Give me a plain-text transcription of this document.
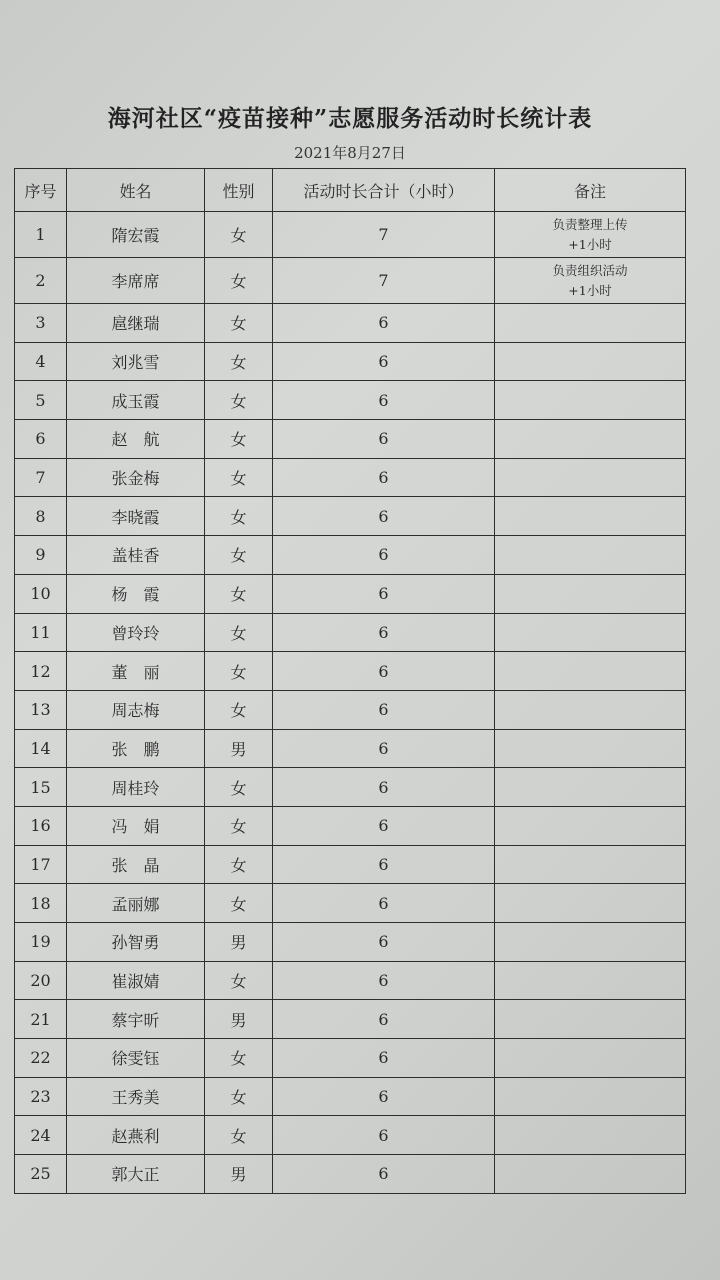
海河社区“疫苗接种”志愿服务活动时长统计表
2021年8月27日
序号	姓名	性别	活动时长合计（小时）	备注
1	隋宏霞	女	7	负责整理上传
+1小时
2	李席席	女	7	负责组织活动
+1小时
3	扈继瑞	女	6	
4	刘兆雪	女	6	
5	成玉霞	女	6	
6	赵　航	女	6	
7	张金梅	女	6	
8	李晓霞	女	6	
9	盖桂香	女	6	
10	杨　霞	女	6	
11	曾玲玲	女	6	
12	董　丽	女	6	
13	周志梅	女	6	
14	张　鹏	男	6	
15	周桂玲	女	6	
16	冯　娟	女	6	
17	张　晶	女	6	
18	孟丽娜	女	6	
19	孙智勇	男	6	
20	崔淑婧	女	6	
21	蔡宇昕	男	6	
22	徐雯钰	女	6	
23	王秀美	女	6	
24	赵燕利	女	6	
25	郭大正	男	6	
